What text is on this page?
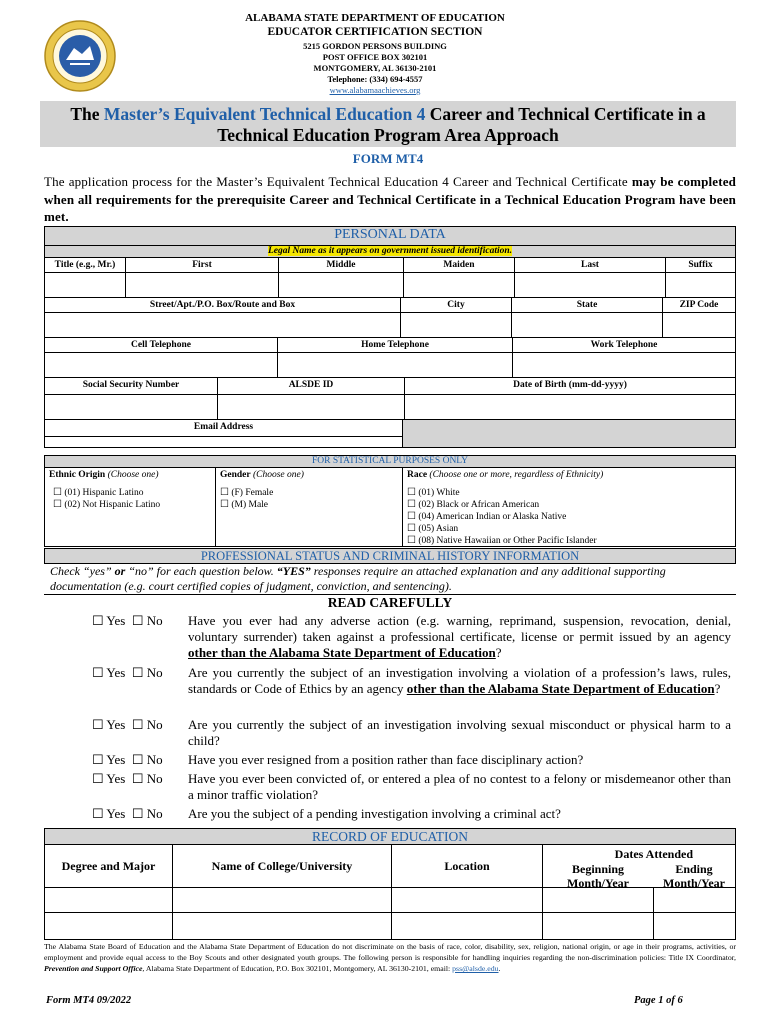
ALABAMA STATE DEPARTMENT OF EDUCATION
EDUCATOR CERTIFICATION SECTION
5215 GORDON PERSONS BUILDING
POST OFFICE BOX 302101
MONTGOMERY, AL 36130-2101
Telephone: (334) 694-4557
www.alabamaachieves.org
The Master’s Equivalent Technical Education 4 Career and Technical Certificate in a Technical Education Program Area Approach
FORM MT4
The application process for the Master’s Equivalent Technical Education 4 Career and Technical Certificate may be completed when all requirements for the prerequisite Career and Technical Certificate in a Technical Education Program have been met.
PERSONAL DATA
Legal Name as it appears on government issued identification.
Title (e.g., Mr.)	First	Middle	Maiden	Last	Suffix

Street/Apt./P.O. Box/Route and Box	City	State	ZIP Code

Cell Telephone	Home Telephone	Work Telephone

Social Security Number	ALSDE ID	Date of Birth (mm-dd-yyyy)

Email Address	

FOR STATISTICAL PURPOSES ONLY

Ethnic Origin (Choose one)
☐ (01) Hispanic Latino
☐ (02) Not Hispanic Latino

Gender (Choose one)
☐ (F) Female
☐ (M) Male

Race (Choose one or more, regardless of Ethnicity)
☐ (01) White
☐ (02) Black or African American
☐ (04) American Indian or Alaska Native
☐ (05) Asian
☐ (08) Native Hawaiian or Other Pacific Islander
PROFESSIONAL STATUS AND CRIMINAL HISTORY INFORMATION
Check “yes” or “no” for each question below. “YES” responses require an attached explanation and any additional supporting documentation (e.g. court certified copies of judgment, conviction, and sentencing).
READ CAREFULLY
☐ Yes ☐ No Have you ever had any adverse action (e.g. warning, reprimand, suspension, revocation, denial, voluntary surrender) taken against a professional certificate, license or permit issued by an agency other than the Alabama State Department of Education?
☐ Yes ☐ No Are you currently the subject of an investigation involving a violation of a profession’s laws, rules, standards or Code of Ethics by an agency other than the Alabama State Department of Education?
☐ Yes ☐ No Are you currently the subject of an investigation involving sexual misconduct or physical harm to a child?
☐ Yes ☐ No Have you ever resigned from a position rather than face disciplinary action?
☐ Yes ☐ No Have you ever been convicted of, or entered a plea of no contest to a felony or misdemeanor other than a minor traffic violation?
☐ Yes ☐ No Are you the subject of a pending investigation involving a criminal act?
RECORD OF EDUCATION				
Degree and Major	Name of College/University	Location	Dates Attended
Beginning
Month/Year
Ending
Month/Year	

The Alabama State Board of Education and the Alabama State Department of Education do not discriminate on the basis of race, color, disability, sex, religion, national origin, or age in their programs, activities, or employment and provide equal access to the Boy Scouts and other designated youth groups. The following person is responsible for handling inquiries regarding the non-discrimination policies: Title IX Coordinator, Prevention and Support Office, Alabama State Department of Education, P.O. Box 302101, Montgomery, AL 36130-2101, email: pss@alsde.edu.
Form MT4 09/2022	Page 1 of 6
